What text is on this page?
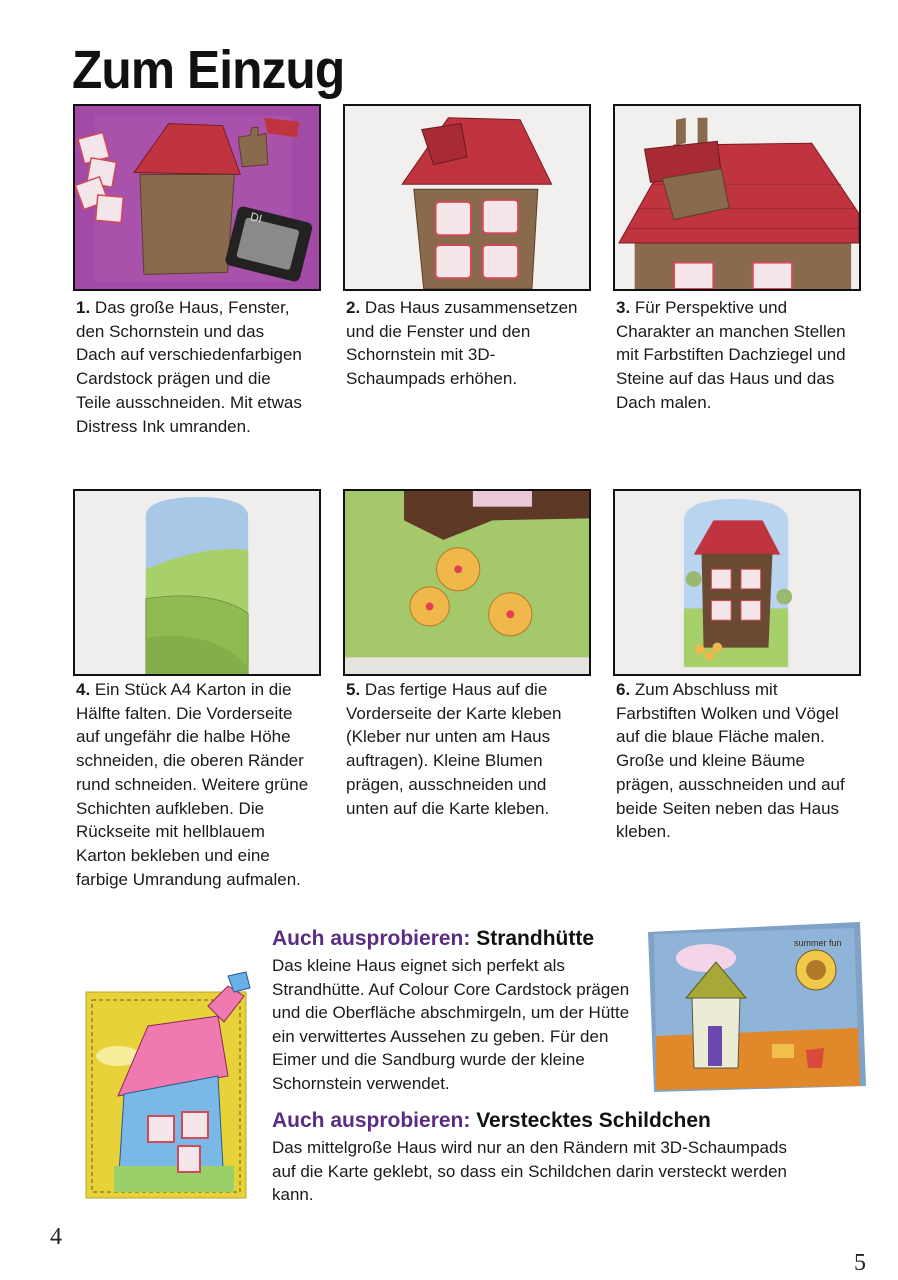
Zum Einzug
DI
1. Das große Haus, Fenster, den Schornstein und das Dach auf verschiedenfarbigen Cardstock prägen und die Teile ausschneiden. Mit etwas Distress Ink umranden.
2. Das Haus zusammensetzen und die Fenster und den Schornstein mit 3D-Schaumpads erhöhen.
3. Für Perspektive und Charakter an manchen Stellen mit Farbstiften Dachziegel und Steine auf das Haus und das Dach malen.
4. Ein Stück A4 Karton in die Hälfte falten. Die Vorderseite auf ungefähr die halbe Höhe schneiden, die oberen Ränder rund schneiden. Weitere grüne Schichten aufkleben. Die Rückseite mit hellblauem Karton bekleben und eine farbige Umrandung aufmalen.
5. Das fertige Haus auf die Vorderseite der Karte kleben (Kleber nur unten am Haus auftragen). Kleine Blumen prägen, ausschneiden und unten auf die Karte kleben.
6. Zum Abschluss mit Farbstiften Wolken und Vögel auf die blaue Fläche malen. Große und kleine Bäume prägen, ausschneiden und auf beide Seiten neben das Haus kleben.
summer fun
Auch ausprobieren: Strandhütte
Das kleine Haus eignet sich perfekt als Strandhütte. Auf Colour Core Cardstock prägen und die Oberfläche abschmirgeln, um der Hütte ein verwittertes Aussehen zu geben. Für den Eimer und die Sandburg wurde der kleine Schornstein verwendet.
Auch ausprobieren: Verstecktes Schildchen
Das mittelgroße Haus wird nur an den Rändern mit 3D-Schaumpads auf die Karte geklebt, so dass ein Schildchen darin versteckt werden kann.
4
5
